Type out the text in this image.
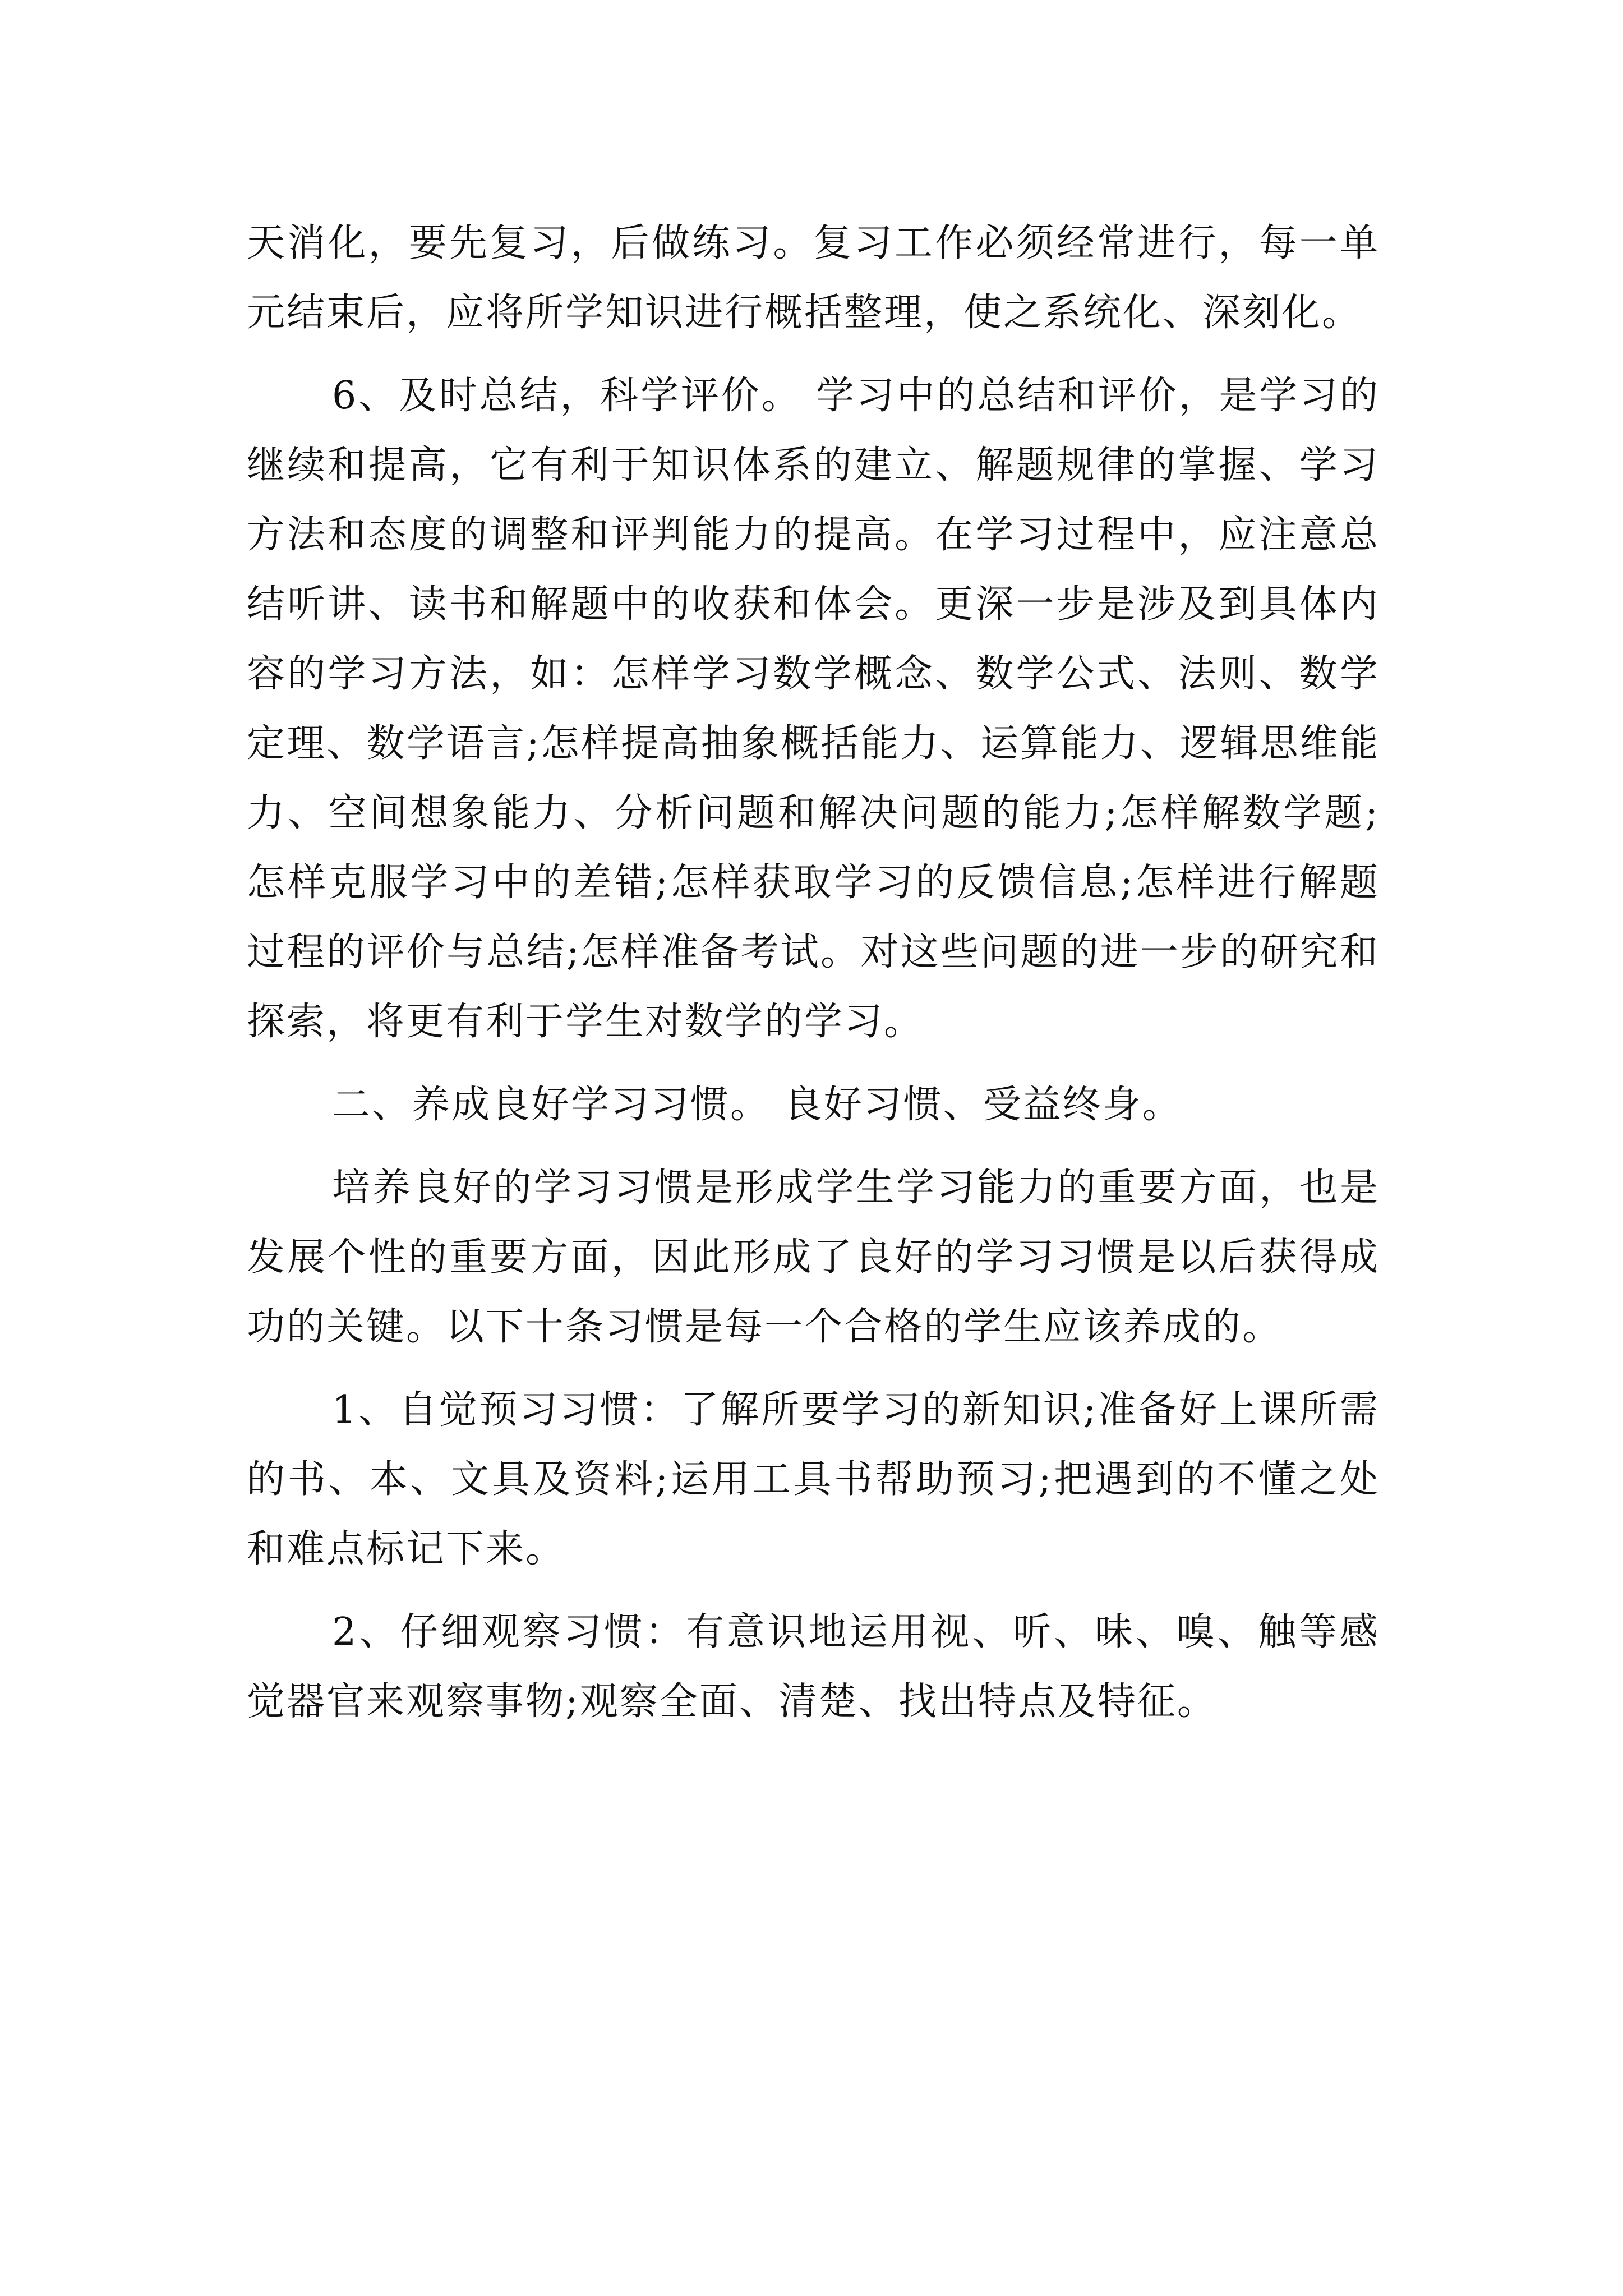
天消化，要先复习，后做练习。复习工作必须经常进行，每一单元结束后，应将所学知识进行概括整理，使之系统化、深刻化。

6、及时总结，科学评价。 学习中的总结和评价，是学习的继续和提高，它有利于知识体系的建立、解题规律的掌握、学习方法和态度的调整和评判能力的提高。在学习过程中，应注意总结听讲、读书和解题中的收获和体会。更深一步是涉及到具体内容的学习方法，如：怎样学习数学概念、数学公式、法则、数学定理、数学语言;怎样提高抽象概括能力、运算能力、逻辑思维能力、空间想象能力、分析问题和解决问题的能力;怎样解数学题;怎样克服学习中的差错;怎样获取学习的反馈信息;怎样进行解题过程的评价与总结;怎样准备考试。对这些问题的进一步的研究和探索，将更有利于学生对数学的学习。

二、养成良好学习习惯。 良好习惯、受益终身。

培养良好的学习习惯是形成学生学习能力的重要方面，也是发展个性的重要方面，因此形成了良好的学习习惯是以后获得成功的关键。以下十条习惯是每一个合格的学生应该养成的。

1、自觉预习习惯：了解所要学习的新知识;准备好上课所需的书、本、文具及资料;运用工具书帮助预习;把遇到的不懂之处和难点标记下来。

2、仔细观察习惯：有意识地运用视、听、味、嗅、触等感觉器官来观察事物;观察全面、清楚、找出特点及特征。
